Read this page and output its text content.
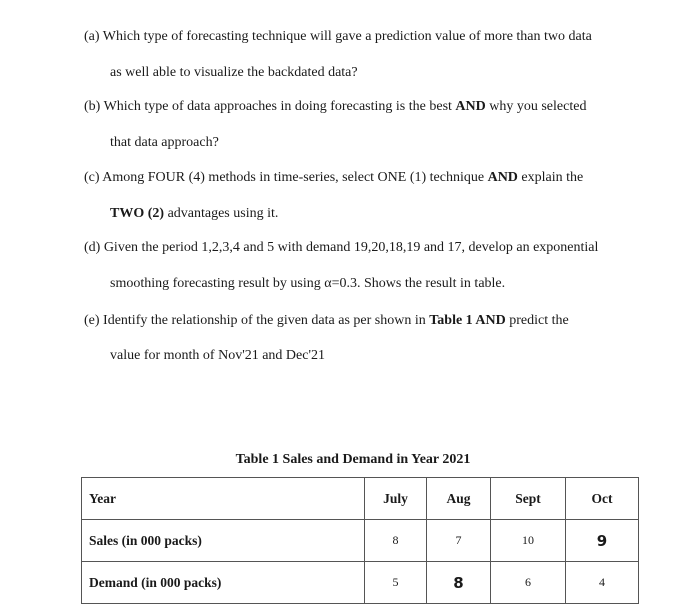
(a) Which type of forecasting technique will gave a prediction value of more than two data
as well able to visualize the backdated data?
(b) Which type of data approaches in doing forecasting is the best AND why you selected
that data approach?
(c) Among FOUR (4) methods in time-series, select ONE (1) technique AND explain the
TWO (2) advantages using it.
(d) Given the period 1,2,3,4 and 5 with demand 19,20,18,19 and 17, develop an exponential
smoothing forecasting result by using α=0.3. Shows the result in table.
(e) Identify the relationship of the given data as per shown in Table 1 AND predict the
value for month of Nov'21 and Dec'21
Table 1 Sales and Demand in Year 2021
Year	July	Aug	Sept	Oct
Sales (in 000 packs)	8	7	10	9
Demand (in 000 packs)	5	8	6	4
